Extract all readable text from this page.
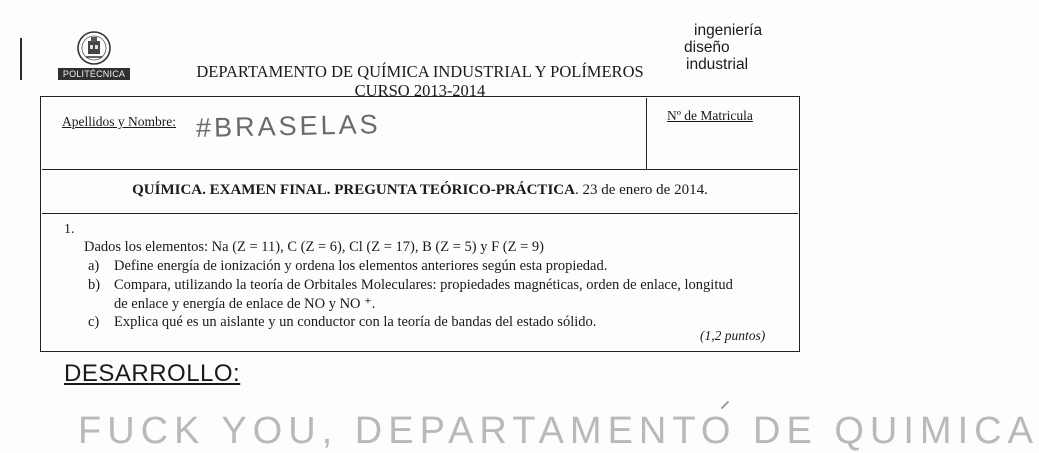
POLITÉCNICA	DEPARTAMENTO DE QUÍMICA INDUSTRIAL Y POLÍMEROS
CURSO 2013-2014
ingeniería
diseño
industrial
Apellidos y Nombre: #BRASELAS	Nº de Matricula
QUÍMICA. EXAMEN FINAL. PREGUNTA TEÓRICO-PRÁCTICA. 23 de enero de 2014.
1.
Dados los elementos: Na (Z = 11), C (Z = 6), Cl (Z = 17), B (Z = 5) y F (Z = 9)
a) Define energía de ionización y ordena los elementos anteriores según esta propiedad.
b) Compara, utilizando la teoría de Orbitales Moleculares: propiedades magnéticas, orden de enlace, longitud
de enlace y energía de enlace de NO y NO ⁺.
c) Explica qué es un aislante y un conductor con la teoría de bandas del estado sólido.
(1,2 puntos)
DESARROLLO:
FUCK YOU, DEPARTAMENTO DE QUIMICA
